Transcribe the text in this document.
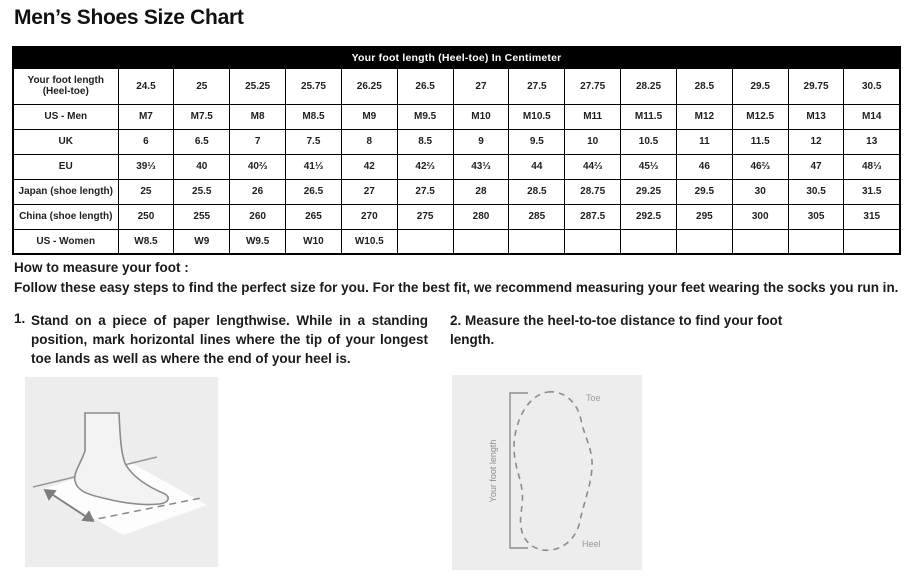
Men’s Shoes Size Chart
Your foot length (Heel-toe) In Centimeter														
Your foot length (Heel-toe)	24.5	25	25.25	25.75	26.25	26.5	27	27.5	27.75	28.25	28.5	29.5	29.75	30.5
US - Men	M7	M7.5	M8	M8.5	M9	M9.5	M10	M10.5	M11	M11.5	M12	M12.5	M13	M14
UK	6	6.5	7	7.5	8	8.5	9	9.5	10	10.5	11	11.5	12	13
EU	39⅓	40	40⅔	41⅓	42	42⅔	43⅓	44	44⅔	45⅓	46	46⅔	47	48⅓
Japan (shoe length)	25	25.5	26	26.5	27	27.5	28	28.5	28.75	29.25	29.5	30	30.5	31.5
China (shoe length)	250	255	260	265	270	275	280	285	287.5	292.5	295	300	305	315
US - Women	W8.5	W9	W9.5	W10	W10.5									
How to measure your foot :
Follow these easy steps to find the perfect size for you. For the best fit, we recommend measuring your feet wearing the socks you run in.
1. Stand on a piece of paper lengthwise. While in a standing position, mark horizontal lines where the tip of your longest toe lands as well as where the end of your heel is.
2. Measure the heel-to-toe distance to find your foot length.
Your foot length
Toe
Heel
